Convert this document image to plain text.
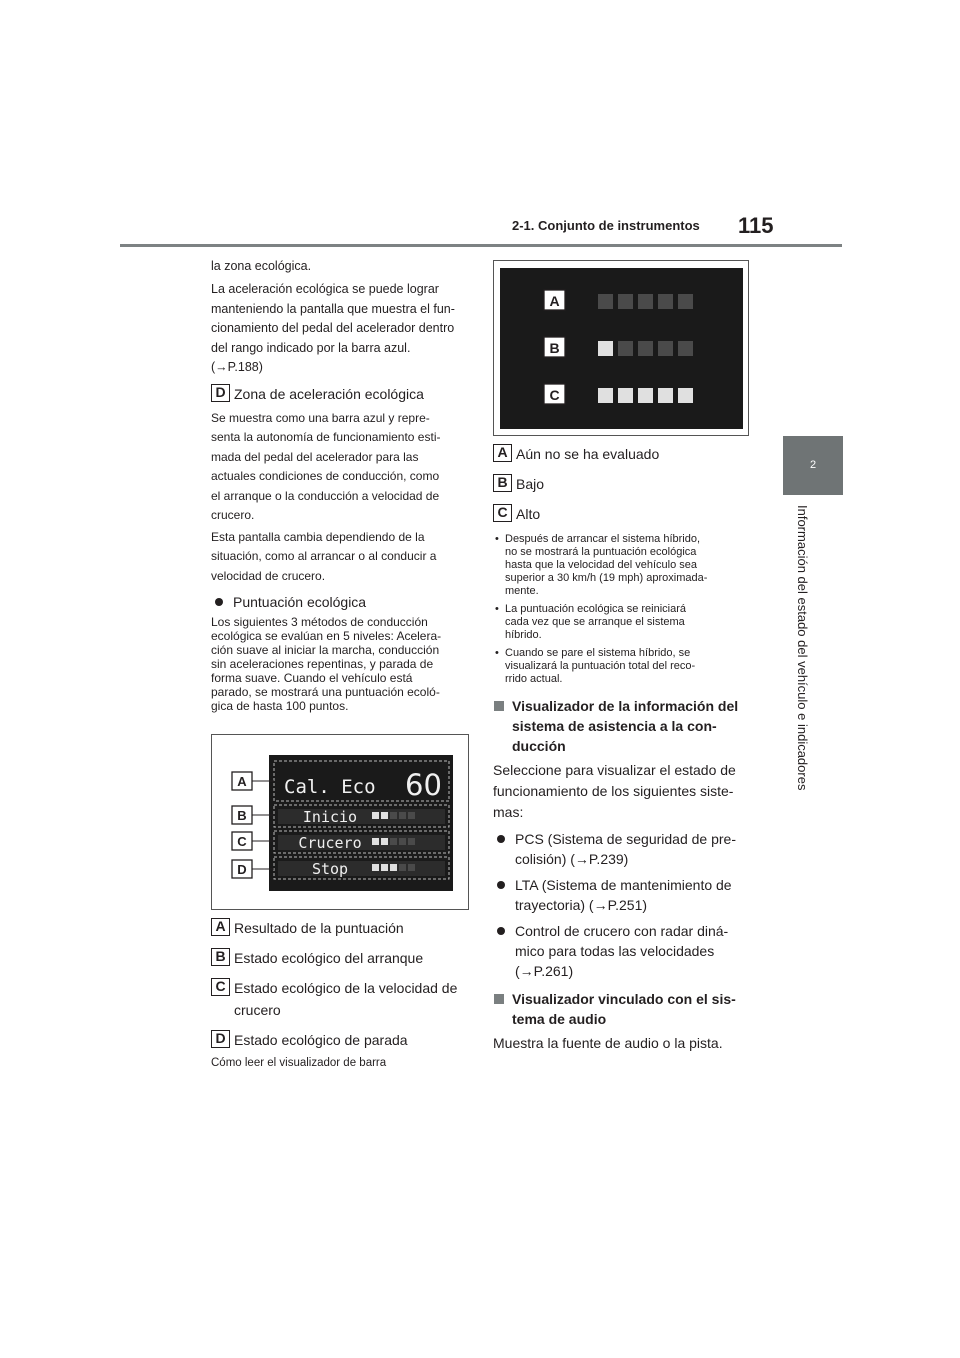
2-1. Conjunto de instrumentos 115
2
Información del estado del vehículo e indicadores
la zona ecológica.
La aceleración ecológica se puede lograr
manteniendo la pantalla que muestra el fun-
cionamiento del pedal del acelerador dentro
del rango indicado por la barra azul.
(→P.188)
D Zona de aceleración ecológica
Se muestra como una barra azul y repre-
senta la autonomía de funcionamiento esti-
mada del pedal del acelerador para las
actuales condiciones de conducción, como
el arranque o la conducción a velocidad de
crucero.
Esta pantalla cambia dependiendo de la
situación, como al arrancar o al conducir a
velocidad de crucero.
Puntuación ecológica
Los siguientes 3 métodos de conducción
ecológica se evalúan en 5 niveles: Acelera-
ción suave al iniciar la marcha, conducción
sin aceleraciones repentinas, y parada de
forma suave. Cuando el vehículo está
parado, se mostrará una puntuación ecoló-
gica de hasta 100 puntos.
Cal. Eco 60
Inicio
Crucero
Stop
A
B
C
D
A Resultado de la puntuación
B Estado ecológico del arranque
C Estado ecológico de la velocidad de
crucero
D Estado ecológico de parada
Cómo leer el visualizador de barra
A
B
C
A Aún no se ha evaluado
B Bajo
C Alto
• Después de arrancar el sistema híbrido,
no se mostrará la puntuación ecológica
hasta que la velocidad del vehículo sea
superior a 30 km/h (19 mph) aproximada-
mente.
• La puntuación ecológica se reiniciará
cada vez que se arranque el sistema
híbrido.
• Cuando se pare el sistema híbrido, se
visualizará la puntuación total del reco-
rrido actual.
Visualizador de la información del
sistema de asistencia a la con-
ducción
Seleccione para visualizar el estado de
funcionamiento de los siguientes siste-
mas:
PCS (Sistema de seguridad de pre-
colisión) (→P.239)
LTA (Sistema de mantenimiento de
trayectoria) (→P.251)
Control de crucero con radar diná-
mico para todas las velocidades
(→P.261)
Visualizador vinculado con el sis-
tema de audio
Muestra la fuente de audio o la pista.
